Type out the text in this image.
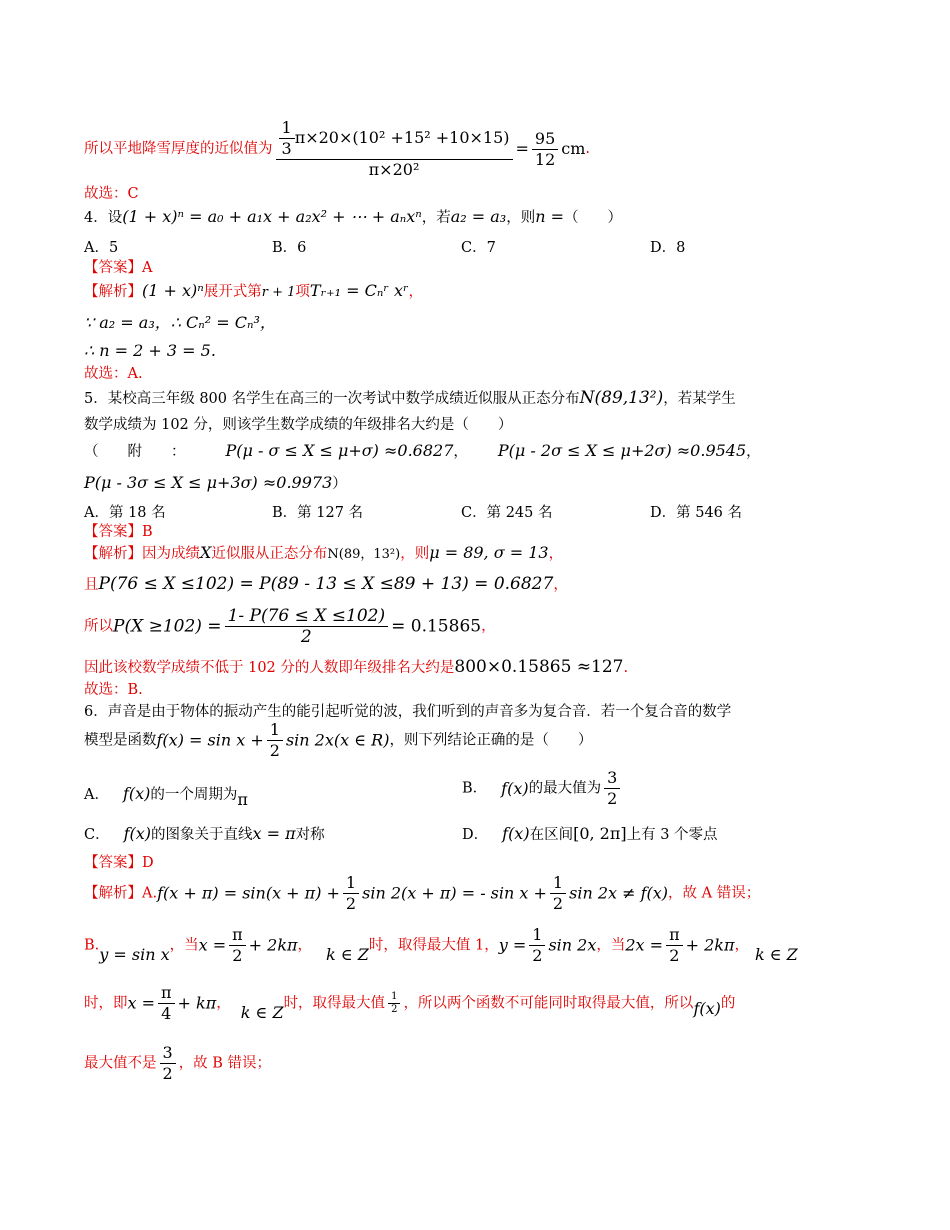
所以平地降雪厚度的近似值为 $\frac{\frac{1}{3} \pi\times 20\times(10^2 +15^2 +10\times 15)}{\text{π×20²}} = \frac{95}{12}$ cm.
故选：C
4．设(1 + x)ⁿ = a₀ + a₁x + a₂x² + ⋯ + aₙxⁿ，若a₂ = a₃，则n =（　　）
A．5	B．6	C．7	D．8
【答案】A
【解析】(1 + x)ⁿ展开式第r + 1项Tᵣ₊₁ = Cₙʳ xʳ，
∵ a₂ = a₃，∴ Cₙ² = Cₙ³，
∴ n = 2 + 3 = 5.
故选：A.
5．某校高三年级 800 名学生在高三的一次考试中数学成绩近似服从正态分布N(89,13²)，若某学生
数学成绩为 102 分，则该学生数学成绩的年级排名大约是（　　）
（　　附　　：	P(μ - σ ≤ X ≤ μ+σ) ≈0.6827， P(μ - 2σ ≤ X ≤ μ+2σ) ≈0.9545，
P(μ - 3σ ≤ X ≤ μ+3σ) ≈0.9973）
A．第 18 名	B．第 127 名	C．第 245 名	D．第 546 名
【答案】B
【解析】因为成绩X近似服从正态分布N(89，13²)，则μ = 89, σ = 13，
且P(76 ≤ X ≤102) = P(89 - 13 ≤ X ≤89 + 13) = 0.6827，
所以$P(X \ge 102) = \frac{1- P(76 \le X \le 102)}{2} = 0.15865$，
因此该校数学成绩不低于 102 分的人数即年级排名大约是800×0.15865 ≈127.
故选：B.
6．声音是由于物体的振动产生的能引起听觉的波，我们听到的声音多为复合音．若一个复合音的数学
模型是函数$f(x) = \sin x + \frac{1}{2}$ sin 2x(x ∈ R)，则下列结论正确的是（　　）
A． f(x)的一个周期为π
B． f(x)的最大值为 $\frac{3}{2}$
C． f(x)的图象关于直线x = π对称	D． f(x)在区间[0, 2π]上有 3 个零点
【答案】D
【解析】$A.f(x + \pi) = \sin(x + \pi) + \frac{1}{2}$ sin 2(x + π) = - $\sin x + \frac{1}{2}$ sin 2x ≠ f(x)，故 A 错误；
B.y = sin x，当$x = \frac{\pi}{2} + 2k\pi$， k ∈ Z时，取得最大值 1，$y = \frac{1}{2}$ sin 2x，当$2x = \frac{\pi}{2} + 2k\pi$， k ∈ Z
时，即$x = \frac{\pi}{4} + k\pi$， k ∈ Z时，取得最大值 $\frac{1}{2}$ ，所以两个函数不可能同时取得最大值，所以f(x)的
最大值不是 $\frac{3}{2}$ ，故 B 错误；
